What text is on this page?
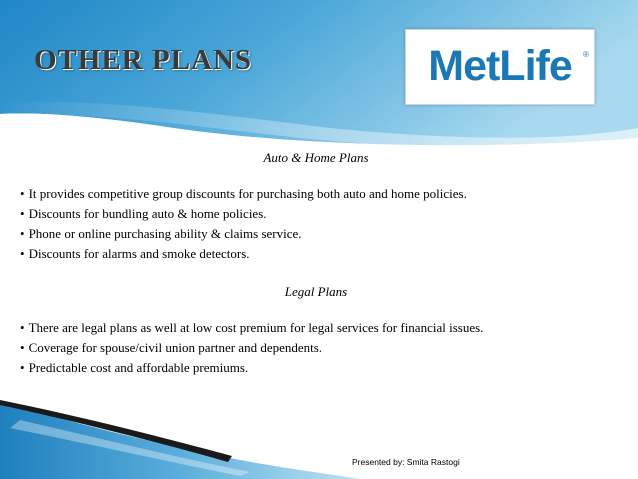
OTHER PLANS	MetLife	®

Auto & Home Plans

• It provides competitive group discounts for purchasing both auto and home policies.
• Discounts for bundling auto & home policies.
• Phone or online purchasing ability & claims service.
• Discounts for alarms and smoke detectors.

Legal Plans

• There are legal plans as well at low cost premium for legal services for financial issues.
• Coverage for spouse/civil union partner and dependents.
• Predictable cost and affordable premiums.
Presented by: Smita Rastogi
